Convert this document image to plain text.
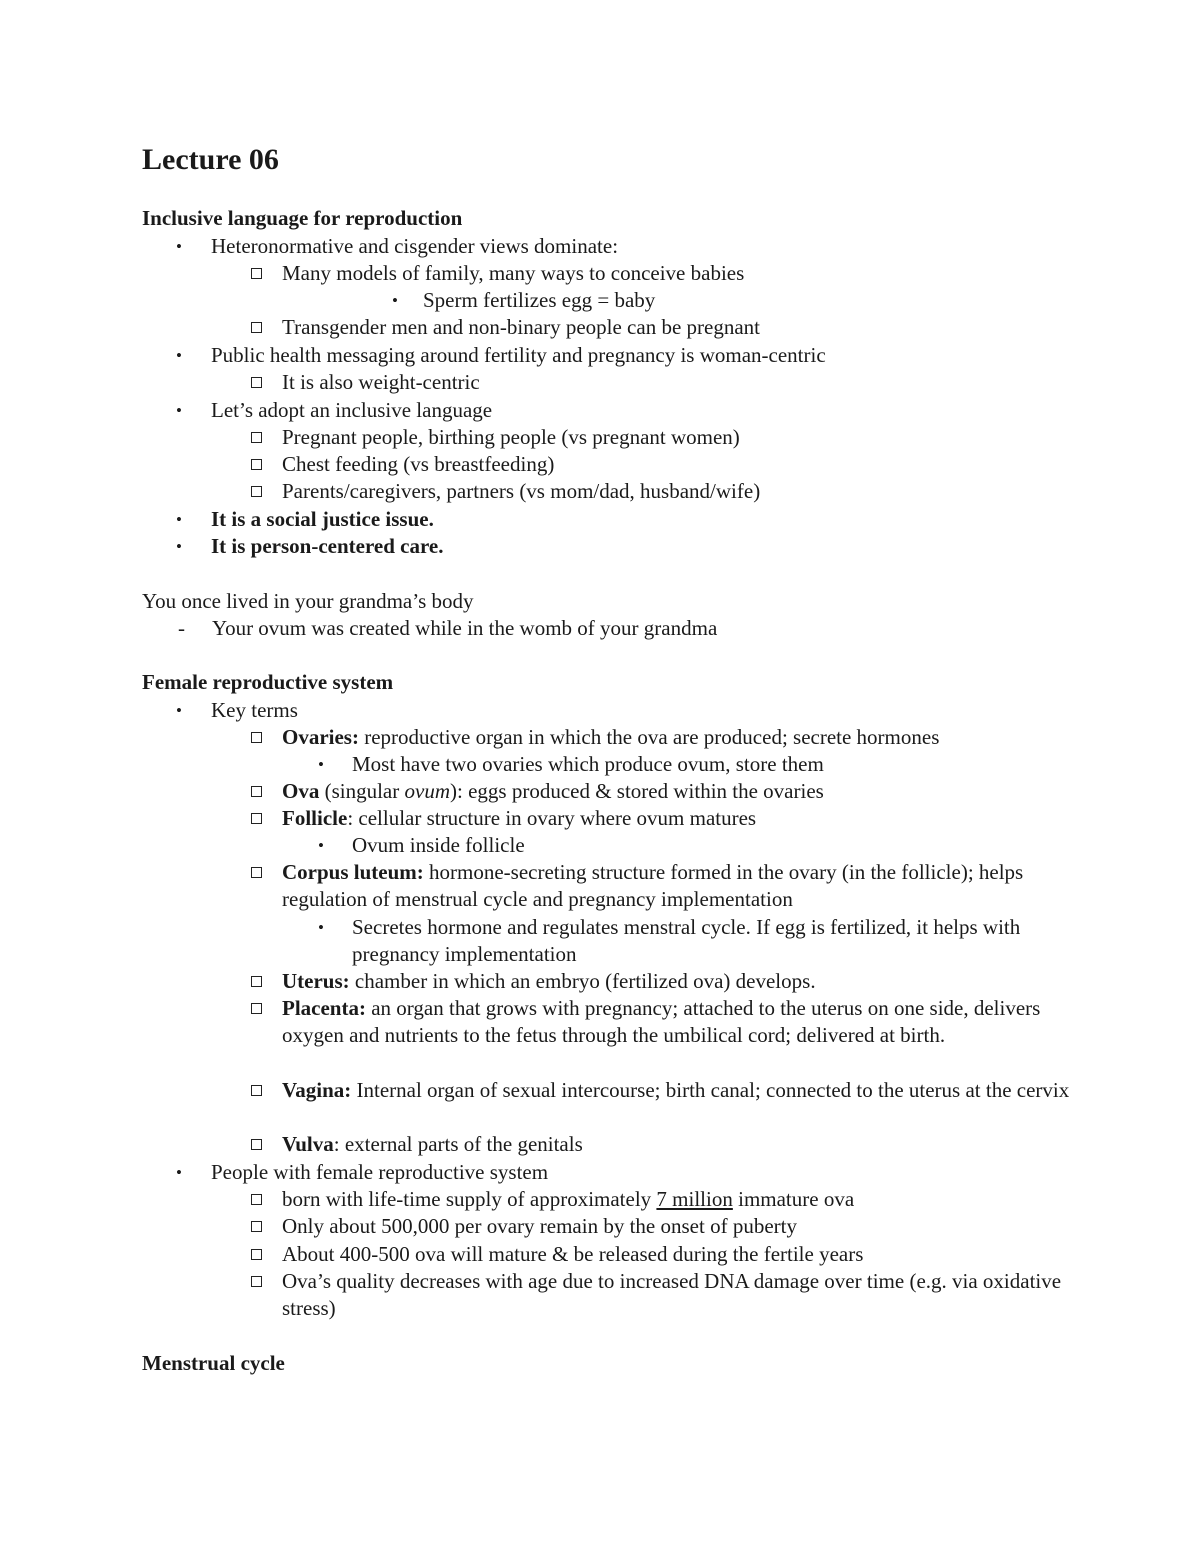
Lecture 06
Inclusive language for reproduction
• Heteronormative and cisgender views dominate:
Many models of family, many ways to conceive babies
• Sperm fertilizes egg = baby
Transgender men and non-binary people can be pregnant
• Public health messaging around fertility and pregnancy is woman-centric
It is also weight-centric
• Let’s adopt an inclusive language
Pregnant people, birthing people (vs pregnant women)
Chest feeding (vs breastfeeding)
Parents/caregivers, partners (vs mom/dad, husband/wife)
• It is a social justice issue.
• It is person-centered care.
You once lived in your grandma’s body
- Your ovum was created while in the womb of your grandma
Female reproductive system
• Key terms
Ovaries: reproductive organ in which the ova are produced; secrete hormones
• Most have two ovaries which produce ovum, store them
Ova (singular ovum): eggs produced & stored within the ovaries
Follicle: cellular structure in ovary where ovum matures
• Ovum inside follicle
Corpus luteum: hormone-secreting structure formed in the ovary (in the follicle); helps regulation of menstrual cycle and pregnancy implementation
• Secretes hormone and regulates menstral cycle. If egg is fertilized, it helps with pregnancy implementation
Uterus: chamber in which an embryo (fertilized ova) develops.
Placenta: an organ that grows with pregnancy; attached to the uterus on one side, delivers oxygen and nutrients to the fetus through the umbilical cord; delivered at birth.
Vagina: Internal organ of sexual intercourse; birth canal; connected to the uterus at the cervix
Vulva: external parts of the genitals
• People with female reproductive system
born with life-time supply of approximately 7 million immature ova
Only about 500,000 per ovary remain by the onset of puberty
About 400-500 ova will mature & be released during the fertile years
Ova’s quality decreases with age due to increased DNA damage over time (e.g. via oxidative stress)
Menstrual cycle
